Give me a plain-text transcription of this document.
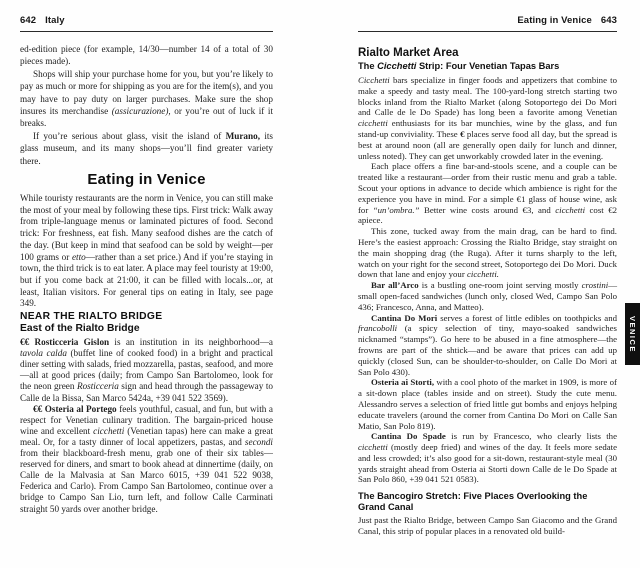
642 Italy

ed-edition piece (for example, 14/30—number 14 of a total of 30 pieces made).

Shops will ship your purchase home for you, but you’re likely to pay as much or more for shipping as you are for the item(s), and you may have to pay duty on larger purchases. Make sure the shop insures its merchandise (assicurazione), or you’re out of luck if it breaks.

If you’re serious about glass, visit the island of Murano, its glass museum, and its many shops—you’ll find greater variety there.

Eating in Venice

While touristy restaurants are the norm in Venice, you can still make the most of your meal by following these tips. First trick: Walk away from triple-language menus or laminated pictures of food. Second trick: For freshness, eat fish. Many seafood dishes are the catch of the day. (But keep in mind that seafood can be sold by weight—per 100 grams or etto—rather than a set price.) And if you’re staying in town, the third trick is to eat later. A place may feel touristy at 19:00, but if you come back at 21:00, it can be filled with locals...or, at least, Italian visitors. For general tips on eating in Italy, see page 349.

NEAR THE RIALTO BRIDGE
East of the Rialto Bridge

€€ Rosticceria Gislon is an institution in its neighborhood—a tavola calda (buffet line of cooked food) in a bright and practical diner setting with salads, fried mozzarella, pastas, seafood, and more—all at good prices (daily; from Campo San Bartolomeo, look for the neon green Rosticceria sign and head through the passageway to Calle de la Bissa, San Marco 5424a, +39 041 522 3569).

€€ Osteria al Portego feels youthful, casual, and fun, but with a respect for Venetian culinary tradition. The bargain-priced house wine and excellent cicchetti (Venetian tapas) here can make a great meal. Or, for a tasty dinner of local appetizers, pastas, and secondi from their blackboard-fresh menu, grab one of their six tables—reserved for diners, and smart to book ahead at dinnertime (daily, on Calle de la Malvasia at San Marco 6015, +39 041 522 9038, Federica and Carlo). From Campo San Bartolomeo, continue over a bridge to Campo San Lio, turn left, and follow Calle Carminati straight 50 yards over another bridge.

Eating in Venice 643
Rialto Market Area
The Cicchetti Strip: Four Venetian Tapas Bars

Cicchetti bars specialize in finger foods and appetizers that combine to make a speedy and tasty meal. The 100-yard-long stretch starting two blocks inland from the Rialto Market (along Sotoportego dei Do Mori and Calle de le Do Spade) has long been a favorite among Venetian cicchetti enthusiasts for its bar munchies, wine by the glass, and fun stand-up conviviality. These € places serve food all day, but the spread is best at around noon (all are generally open daily for lunch and dinner, unless noted). They can get unworkably crowded later in the evening.

Each place offers a fine bar-and-stools scene, and a couple can be treated like a restaurant—order from their rustic menu and grab a table. Scout your options in advance to decide which ambience is right for the experience you have in mind. For a simple €1 glass of house wine, ask for “un’ombra.” Better wine costs around €3, and cicchetti cost €2 apiece.

This zone, tucked away from the main drag, can be hard to find. Here’s the easiest approach: Crossing the Rialto Bridge, stay straight on the main shopping drag (the Ruga). After it turns sharply to the left, watch on your right for the second street, Sotoportego dei Do Mori. Duck down that lane and enjoy your cicchetti.

Bar all’Arco is a bustling one-room joint serving mostly crostini—small open-faced sandwiches (lunch only, closed Wed, Campo San Polo 436; Francesco, Anna, and Matteo).

Cantina Do Mori serves a forest of little edibles on toothpicks and francobolli (a spicy selection of tiny, mayo-soaked sandwiches nicknamed “stamps”). Go here to be abused in a fine atmosphere—the frowns are part of the shtick—and be aware that prices can add up quickly (closed Sun, can be shoulder-to-shoulder, on Calle Do Mori at San Polo 430).

Osteria ai Storti, with a cool photo of the market in 1909, is more of a sit-down place (tables inside and on street). Study the cute menu. Alessandro serves a selection of fried little gut bombs and enjoys helping educate travelers (around the corner from Cantina Do Mori on Calle San Matio, San Polo 819).

Cantina Do Spade is run by Francesco, who clearly lists the cicchetti (mostly deep fried) and wines of the day. It feels more sedate and less crowded; it’s also good for a sit-down, restaurant-style meal (30 yards straight ahead from Osteria ai Storti down Calle de le Do Spade at San Polo 860, +39 041 521 0583).

The Bancogiro Stretch: Five Places Overlooking the Grand Canal

Just past the Rialto Bridge, between Campo San Giacomo and the Grand Canal, this strip of popular places in a renovated old build-

VENICE
